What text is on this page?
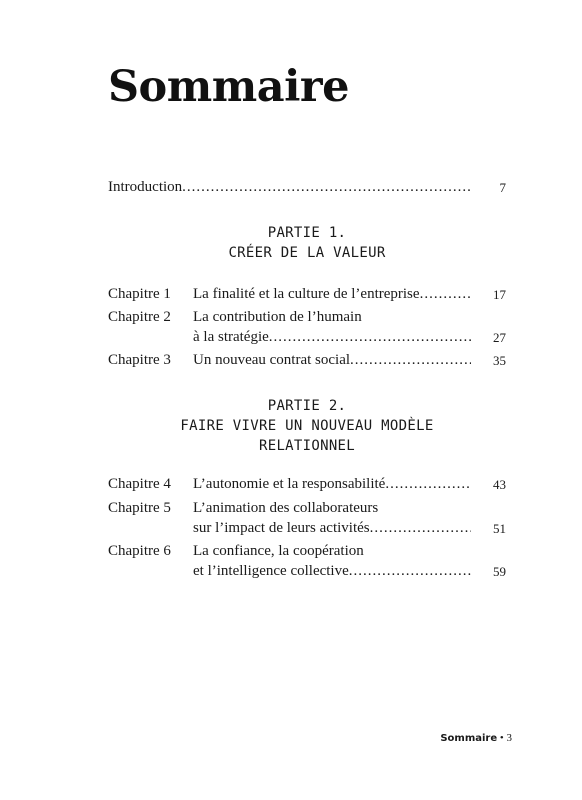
Sommaire
Introduction .....	7
PARTIE 1.
CRÉER DE LA VALEUR
Chapitre 1 La finalité et la culture de l’entreprise .....	17
Chapitre 2 La contribution de l’humain
à la stratégie .....	27
Chapitre 3 Un nouveau contrat social .....	35
PARTIE 2.
FAIRE VIVRE UN NOUVEAU MODÈLE
RELATIONNEL
Chapitre 4 L’autonomie et la responsabilité .....	43
Chapitre 5 L’animation des collaborateurs
sur l’impact de leurs activités .....	51
Chapitre 6 La confiance, la coopération
et l’intelligence collective .....	59
Sommaire • 3
